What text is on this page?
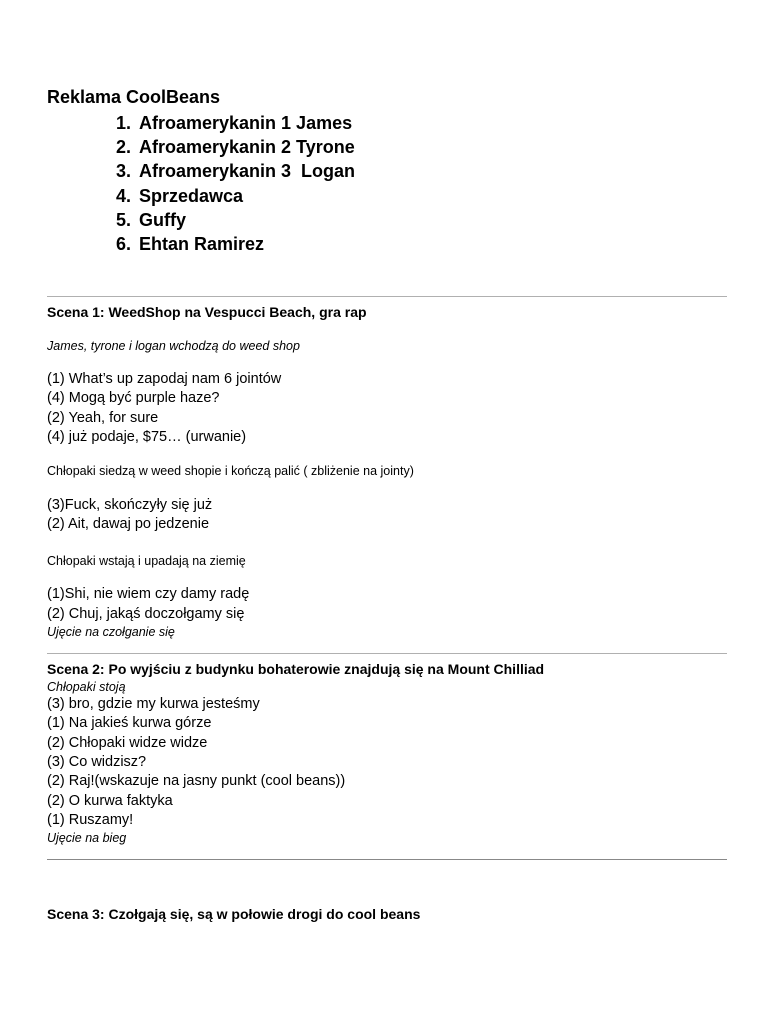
Reklama CoolBeans
1. Afroamerykanin 1 James
2. Afroamerykanin 2 Tyrone
3. Afroamerykanin 3  Logan
4. Sprzedawca
5. Guffy
6. Ehtan Ramirez
Scena 1: WeedShop na Vespucci Beach, gra rap
James, tyrone i logan wchodzą do weed shop
(1) What’s up zapodaj nam 6 jointów
(4) Mogą być purple haze?
(2) Yeah, for sure
(4) już podaje, $75… (urwanie)
Chłopaki siedzą w weed shopie i kończą palić ( zbliżenie na jointy)
(3)Fuck, skończyły się już
(2) Ait, dawaj po jedzenie
Chłopaki wstają i upadają na ziemię
(1)Shi, nie wiem czy damy radę
(2) Chuj, jakąś doczołgamy się
Ujęcie na czołganie się
Scena 2: Po wyjściu z budynku bohaterowie znajdują się na Mount Chilliad
Chłopaki stoją
(3) bro, gdzie my kurwa jesteśmy
(1) Na jakieś kurwa górze
(2) Chłopaki widze widze
(3) Co widzisz?
(2) Raj!(wskazuje na jasny punkt (cool beans))
(2) O kurwa faktyka
(1) Ruszamy!
Ujęcie na bieg
Scena 3: Czołgają się, są w połowie drogi do cool beans
